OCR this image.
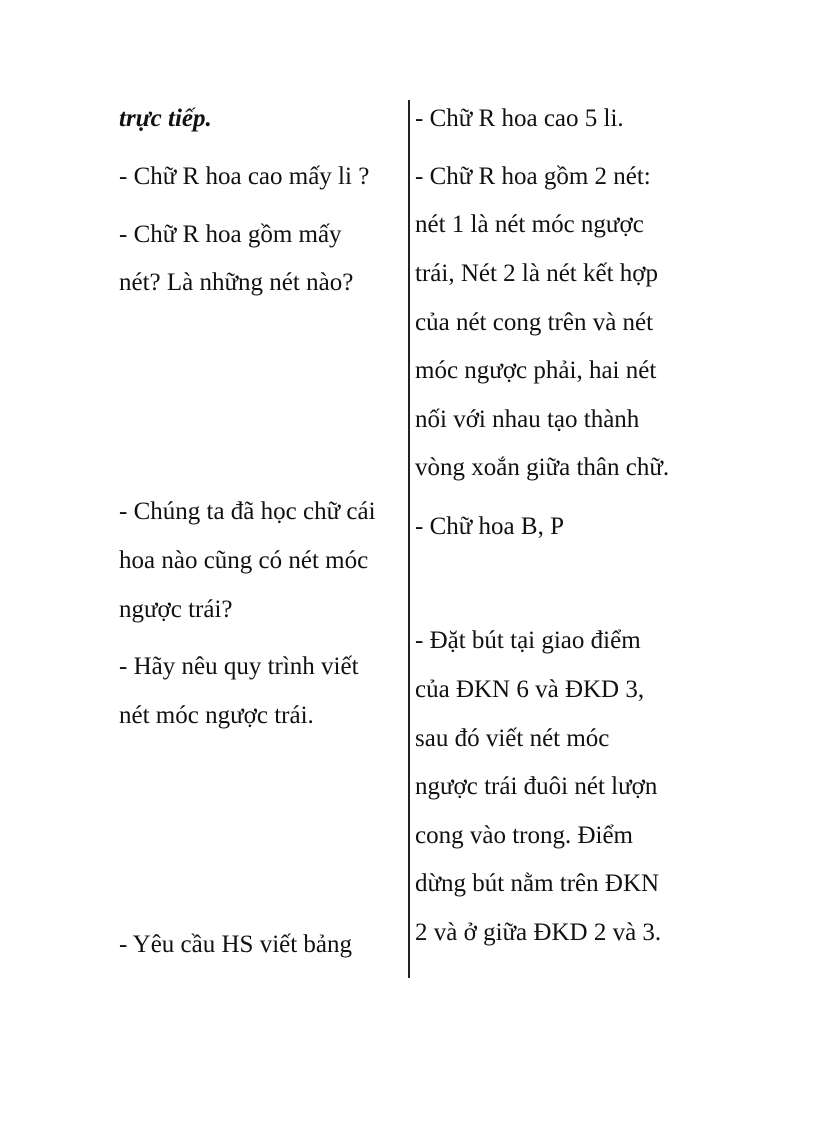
trực tiếp.
- Chữ R hoa cao mấy li ?
- Chữ R hoa gồm mấy
nét? Là những nét nào?
- Chúng ta đã học chữ cái
hoa nào cũng có nét móc
ngược trái?
- Hãy nêu quy trình viết
nét móc ngược trái.
- Yêu cầu HS viết bảng
- Chữ R hoa cao 5 li.
- Chữ R hoa gồm 2 nét:
nét 1 là nét móc ngược
trái, Nét 2 là nét kết hợp
của nét cong trên và nét
móc ngược phải, hai nét
nối với nhau tạo thành
vòng xoắn giữa thân chữ.
- Chữ hoa B, P
- Đặt bút tại giao điểm
của ĐKN 6 và ĐKD 3,
sau đó viết nét móc
ngược trái đuôi nét lượn
cong vào trong. Điểm
dừng bút nằm trên ĐKN
2 và ở giữa ĐKD 2 và 3.
